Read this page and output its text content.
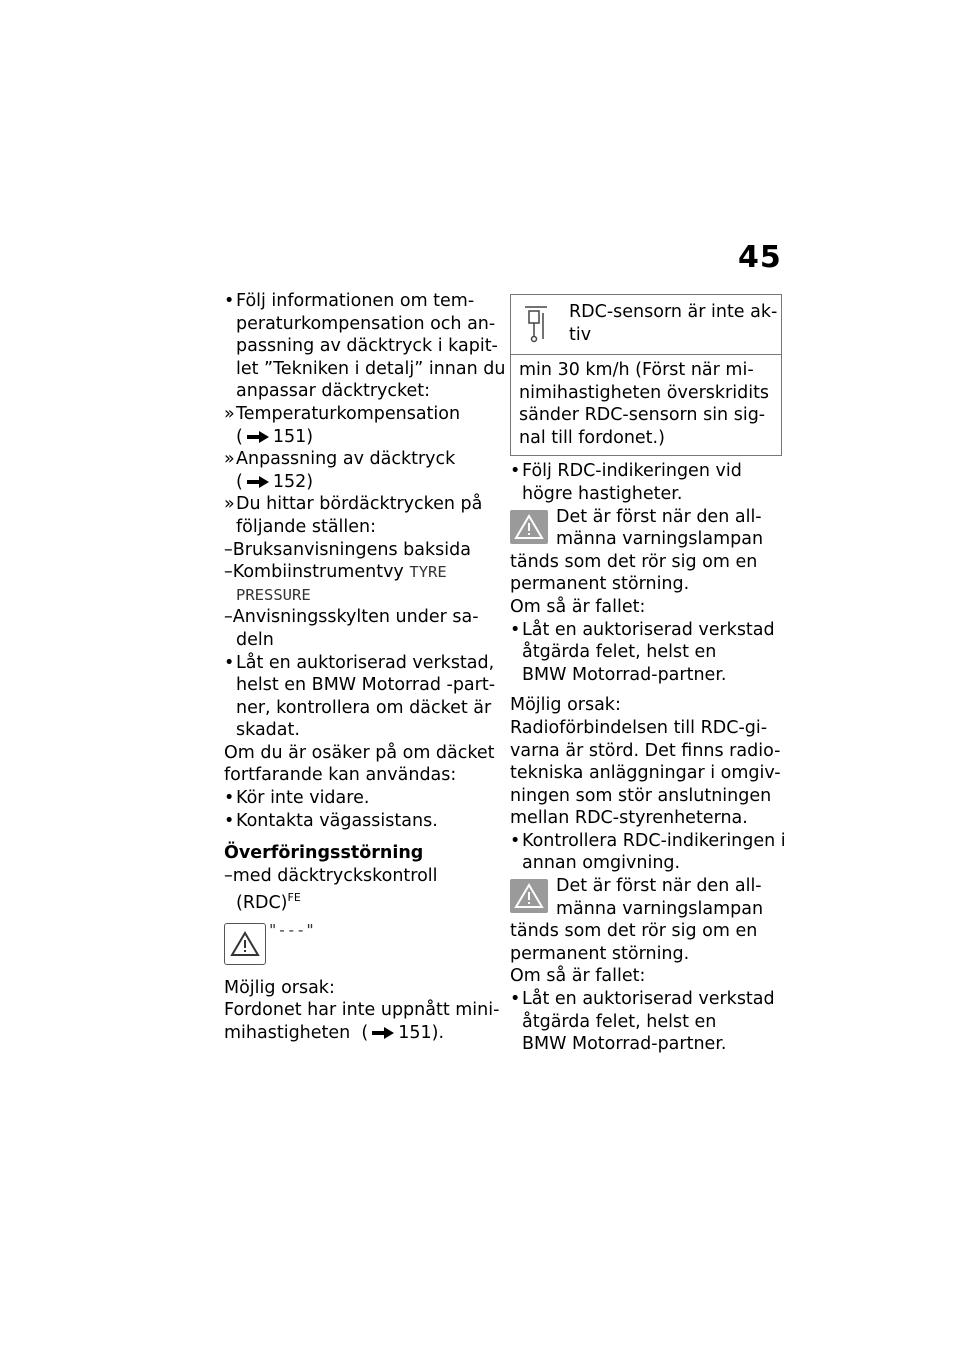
45
•Följ informationen om tem-
peraturkompensation och an-
passning av däcktryck i kapit-
let ”Tekniken i detalj” innan du
anpassar däcktrycket:
»Temperaturkompensation
( 151)
»Anpassning av däcktryck
( 152)
»Du hittar bördäcktrycken på
följande ställen:
–Bruksanvisningens baksida
–Kombiinstrumentvy TYRE
PRESSURE
–Anvisningsskylten under sa-
deln
•Låt en auktoriserad verkstad,
helst en BMW Motorrad -part-
ner, kontrollera om däcket är
skadat.
Om du är osäker på om däcket
fortfarande kan användas:
•Kör inte vidare.
•Kontakta vägassistans.
Överföringsstörning
–med däcktryckskontroll
(RDC)$^{FE}$
"---"
Möjlig orsak:
Fordonet har inte uppnått mini-
mihastigheten  ( 151).
RDC-sensorn är inte ak-
tiv
min 30 km/h (Först när mi-
nimihastigheten överskridits
sänder RDC-sensorn sin sig-
nal till fordonet.)
•Följ RDC-indikeringen vid
högre hastigheter.
Det är först när den all-
männa varningslampan
tänds som det rör sig om en
permanent störning.
Om så är fallet:
•Låt en auktoriserad verkstad
åtgärda felet, helst en
BMW Motorrad-partner.
Möjlig orsak:
Radioförbindelsen till RDC-gi-
varna är störd. Det finns radio-
tekniska anläggningar i omgiv-
ningen som stör anslutningen
mellan RDC-styrenheterna.
•Kontrollera RDC-indikeringen i
annan omgivning.
Det är först när den all-
männa varningslampan
tänds som det rör sig om en
permanent störning.
Om så är fallet:
•Låt en auktoriserad verkstad
åtgärda felet, helst en
BMW Motorrad-partner.
